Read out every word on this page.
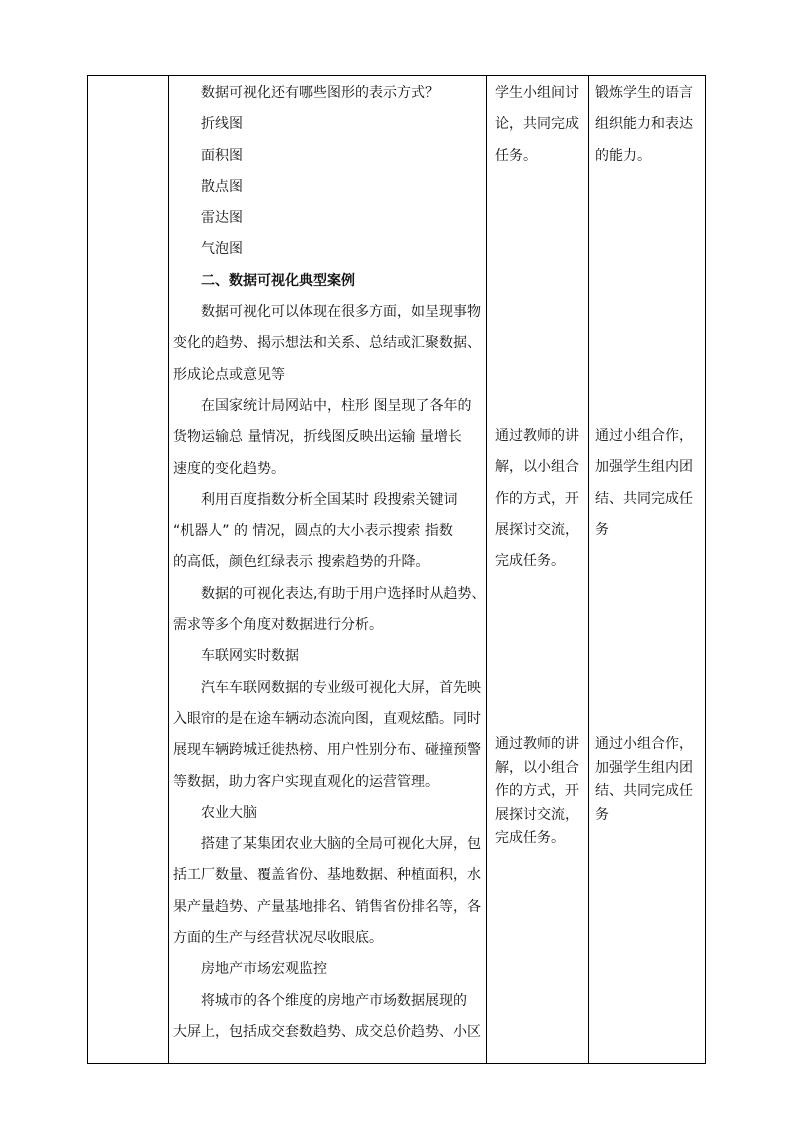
数据可视化还有哪些图形的表示方式？
折线图
面积图
散点图
雷达图
气泡图
二、数据可视化典型案例
数据可视化可以体现在很多方面，如呈现事物
变化的趋势、揭示想法和关系、总结或汇聚数据、
形成论点或意见等
在国家统计局网站中，柱形 图呈现了各年的
货物运输总 量情况，折线图反映出运输 量增长
速度的变化趋势。
利用百度指数分析全国某时 段搜索关键词
“机器人” 的 情况，圆点的大小表示搜索 指数
的高低，颜色红绿表示 搜索趋势的升降。
数据的可视化表达,有助于用户选择时从趋势、
需求等多个角度对数据进行分析。
车联网实时数据
汽车车联网数据的专业级可视化大屏，首先映
入眼帘的是在途车辆动态流向图，直观炫酷。同时
展现车辆跨城迁徙热榜、用户性别分布、碰撞预警
等数据，助力客户实现直观化的运营管理。
农业大脑
搭建了某集团农业大脑的全局可视化大屏，包
括工厂数量、覆盖省份、基地数据、种植面积，水
果产量趋势、产量基地排名、销售省份排名等，各
方面的生产与经营状况尽收眼底。
房地产市场宏观监控
将城市的各个维度的房地产市场数据展现的
大屏上，包括成交套数趋势、成交总价趋势、小区
学生小组间讨
论，共同完成
任务。
通过教师的讲
解，以小组合
作的方式，开
展探讨交流，
完成任务。
通过教师的讲
解，以小组合
作的方式，开
展探讨交流，
完成任务。
锻炼学生的语言
组织能力和表达
的能力。
通过小组合作，
加强学生组内团
结、共同完成任
务
通过小组合作，
加强学生组内团
结、共同完成任
务
